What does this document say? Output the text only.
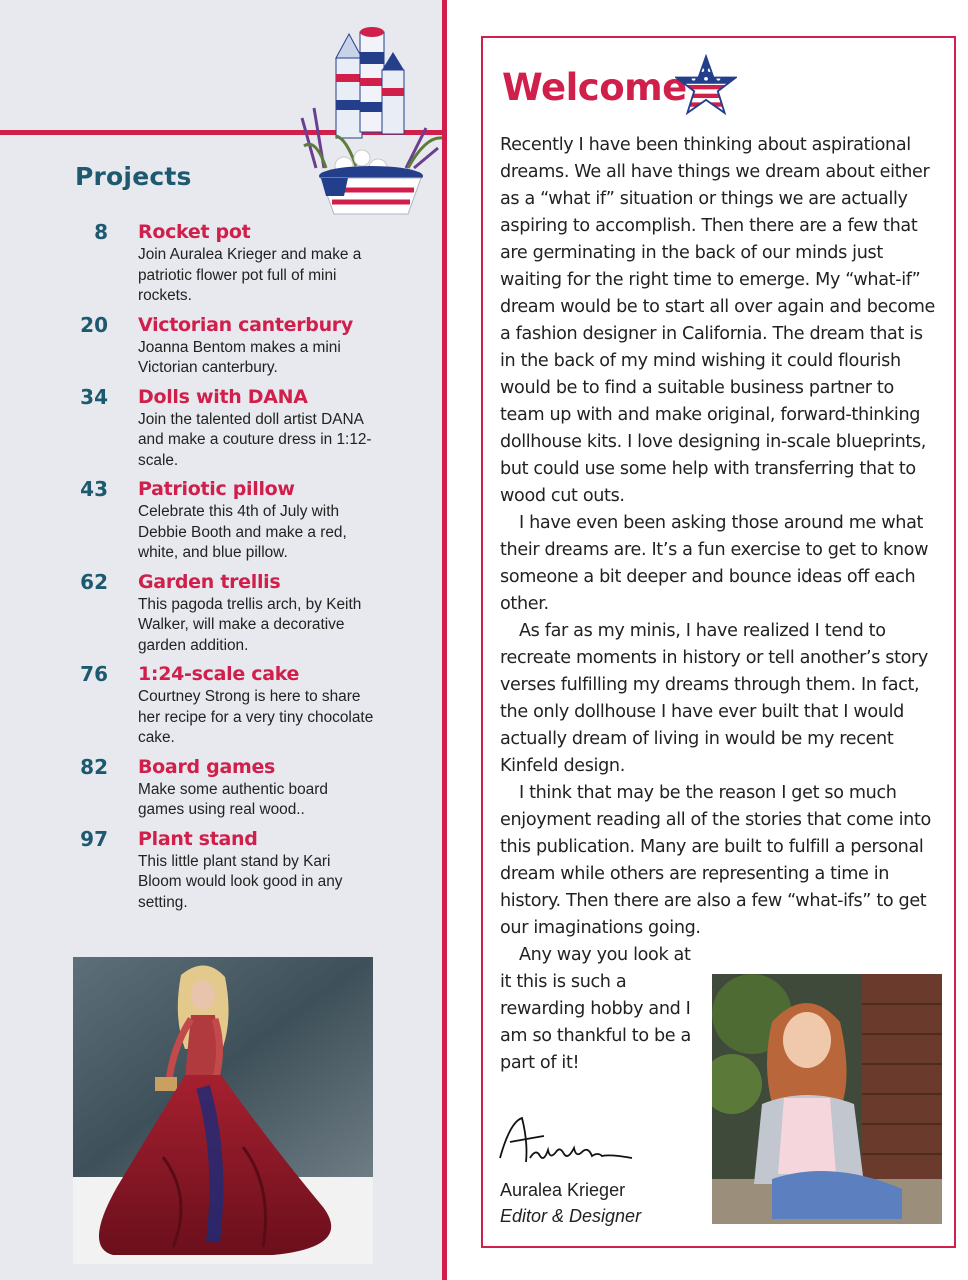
Projects
8 Rocket pot
Join Auralea Krieger and make a patriotic flower pot full of mini rockets.
20 Victorian canterbury
Joanna Bentom makes a mini Victorian canterbury.
34 Dolls with DANA
Join the talented doll artist DANA and make a couture dress in 1:12-scale.
43 Patriotic pillow
Celebrate this 4th of July with Debbie Booth and make a red, white, and blue pillow.
62 Garden trellis
This pagoda trellis arch, by Keith Walker, will make a decorative garden addition.
76 1:24-scale cake
Courtney Strong is here to share her recipe for a very tiny chocolate cake.
82 Board games
Make some authentic board games using real wood..
97 Plant stand
This little plant stand by Kari Bloom would look good in any setting.
Welcome

Recently I have been thinking about aspirational dreams. We all have things we dream about either as a “what if” situation or things we are actually aspiring to accomplish. Then there are a few that are germinating in the back of our minds just waiting for the right time to emerge. My “what-if” dream would be to start all over again and become a fashion designer in California. The dream that is in the back of my mind wishing it could flourish would be to find a suitable business partner to team up with and make original, forward-thinking dollhouse kits. I love designing in-scale blueprints, but could use some help with transferring that to wood cut outs.

I have even been asking those around me what their dreams are. It’s a fun exercise to get to know someone a bit deeper and bounce ideas off each other.

As far as my minis, I have realized I tend to recreate moments in history or tell another’s story verses fulfilling my dreams through them. In fact, the only dollhouse I have ever built that I would actually dream of living in would be my recent Kinfeld design.

I think that may be the reason I get so much enjoyment reading all of the stories that come into this publication. Many are built to fulfill a personal dream while others are representing a time in history. Then there are also a few “what-ifs” to get our imaginations going.

Any way you look at it this is such a rewarding hobby and I am so thankful to be a part of it!

Auralea Krieger

Editor & Designer
